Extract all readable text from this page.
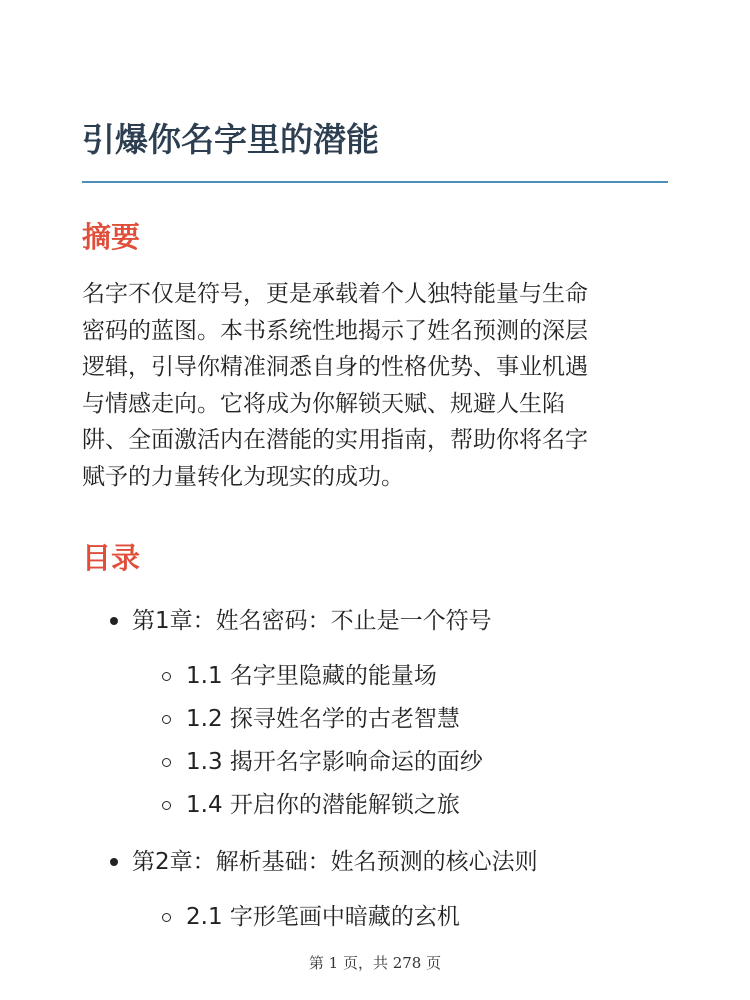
引爆你名字里的潜能
摘要
名字不仅是符号，更是承载着个人独特能量与生命
密码的蓝图。本书系统性地揭示了姓名预测的深层
逻辑，引导你精准洞悉自身的性格优势、事业机遇
与情感走向。它将成为你解锁天赋、规避人生陷
阱、全面激活内在潜能的实用指南，帮助你将名字
赋予的力量转化为现实的成功。
目录
第1章：姓名密码：不止是一个符号
1.1 名字里隐藏的能量场
1.2 探寻姓名学的古老智慧
1.3 揭开名字影响命运的面纱
1.4 开启你的潜能解锁之旅
第2章：解析基础：姓名预测的核心法则
2.1 字形笔画中暗藏的玄机
第 1 页，共 278 页
